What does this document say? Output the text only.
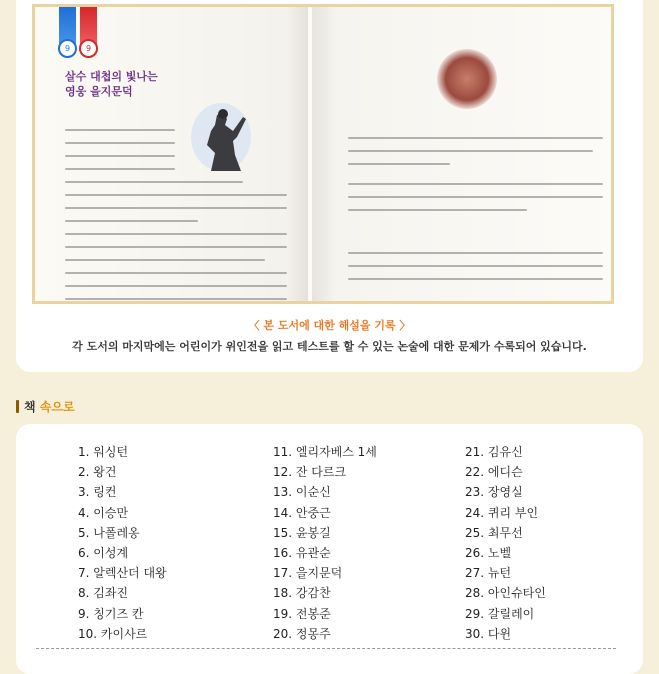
9	9
살수 대첩의 빛나는
영웅 을지문덕
〈 본 도서에 대한 해설을 기록 〉
각 도서의 마지막에는 어린이가 위인전을 읽고 테스트를 할 수 있는 논술에 대한 문제가 수록되어 있습니다.
책 속으로
1. 워싱턴
2. 왕건
3. 링컨
4. 이승만
5. 나폴레옹
6. 이성계
7. 알렉산더 대왕
8. 김좌진
9. 칭기즈 칸
10. 카이사르
11. 엘리자베스 1세
12. 잔 다르크
13. 이순신
14. 안중근
15. 윤봉길
16. 유관순
17. 을지문덕
18. 강감찬
19. 전봉준
20. 정몽주
21. 김유신
22. 에디슨
23. 장영실
24. 퀴리 부인
25. 최무선
26. 노벨
27. 뉴턴
28. 아인슈타인
29. 갈릴레이
30. 다윈
